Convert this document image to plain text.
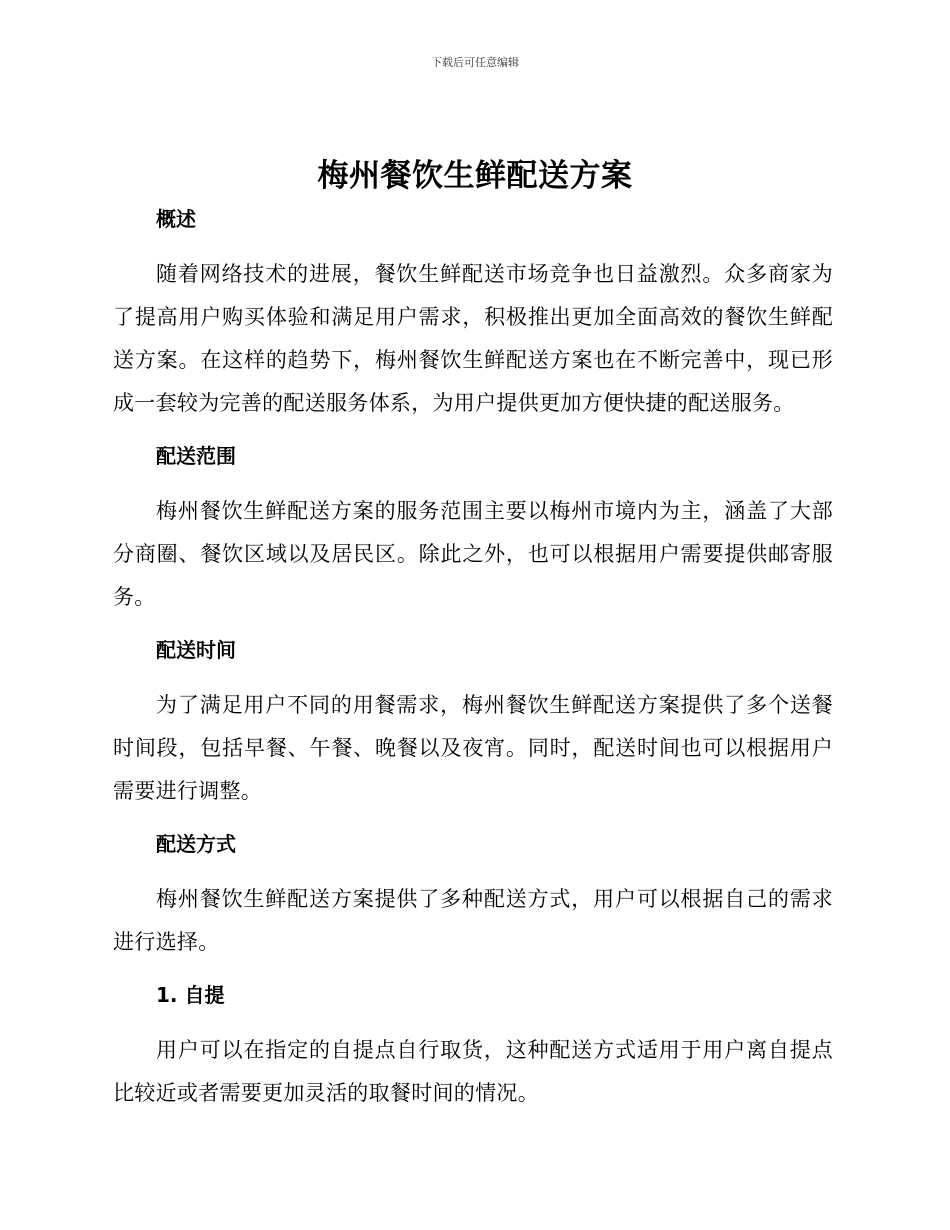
下载后可任意编辑
梅州餐饮生鲜配送方案
概述

随着网络技术的进展，餐饮生鲜配送市场竞争也日益激烈。众多商家为了提高用户购买体验和满足用户需求，积极推出更加全面高效的餐饮生鲜配送方案。在这样的趋势下，梅州餐饮生鲜配送方案也在不断完善中，现已形成一套较为完善的配送服务体系，为用户提供更加方便快捷的配送服务。

配送范围

梅州餐饮生鲜配送方案的服务范围主要以梅州市境内为主，涵盖了大部分商圈、餐饮区域以及居民区。除此之外，也可以根据用户需要提供邮寄服务。

配送时间

为了满足用户不同的用餐需求，梅州餐饮生鲜配送方案提供了多个送餐时间段，包括早餐、午餐、晚餐以及夜宵。同时，配送时间也可以根据用户需要进行调整。

配送方式

梅州餐饮生鲜配送方案提供了多种配送方式，用户可以根据自己的需求进行选择。

1. 自提

用户可以在指定的自提点自行取货，这种配送方式适用于用户离自提点比较近或者需要更加灵活的取餐时间的情况。
